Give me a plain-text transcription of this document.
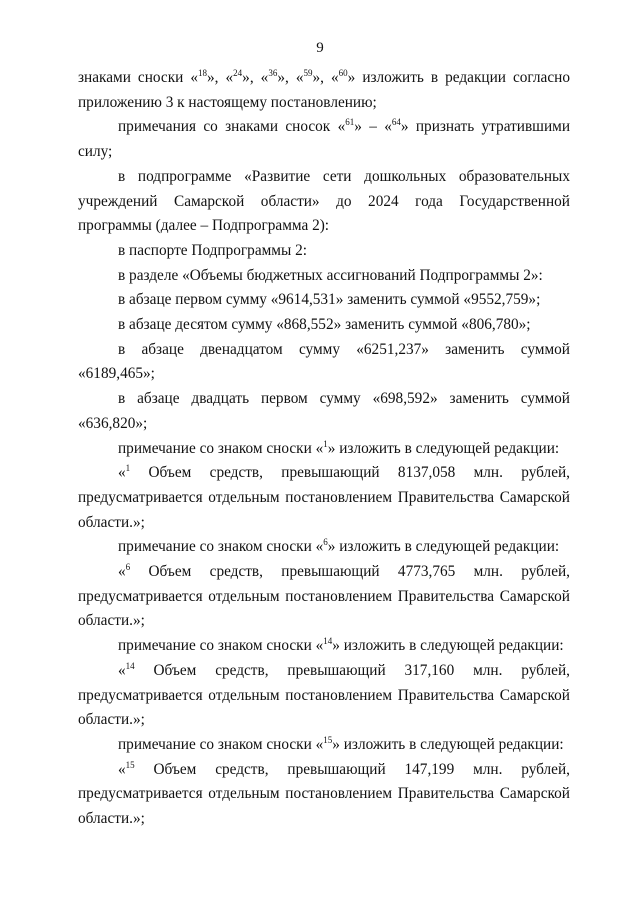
9

знаками сноски «$^{18}$», «$^{24}$», «$^{36}$», «$^{59}$», «$^{60}$» изложить в редакции согласно приложению 3 к настоящему постановлению;

примечания со знаками сносок «$^{61}$» – «$^{64}$» признать утратившими силу;

в подпрограмме «Развитие сети дошкольных образовательных учреждений Самарской области» до 2024 года Государственной программы (далее – Подпрограмма 2):

в паспорте Подпрограммы 2:

в разделе «Объемы бюджетных ассигнований Подпрограммы 2»:

в абзаце первом сумму «9614,531» заменить суммой «9552,759»;

в абзаце десятом сумму «868,552» заменить суммой «806,780»;

в абзаце двенадцатом сумму «6251,237» заменить суммой «6189,465»;

в абзаце двадцать первом сумму «698,592» заменить суммой «636,820»;

примечание со знаком сноски «$^1$» изложить в следующей редакции:

«$^1$ Объем средств, превышающий 8137,058 млн. рублей, предусматривается отдельным постановлением Правительства Самарской области.»;

примечание со знаком сноски «$^6$» изложить в следующей редакции:

«$^6$ Объем средств, превышающий 4773,765 млн. рублей, предусматривается отдельным постановлением Правительства Самарской области.»;

примечание со знаком сноски «$^{14}$» изложить в следующей редакции:

«$^{14}$ Объем средств, превышающий 317,160 млн. рублей, предусматривается отдельным постановлением Правительства Самарской области.»;

примечание со знаком сноски «$^{15}$» изложить в следующей редакции:

«$^{15}$ Объем средств, превышающий 147,199 млн. рублей, предусматривается отдельным постановлением Правительства Самарской области.»;
